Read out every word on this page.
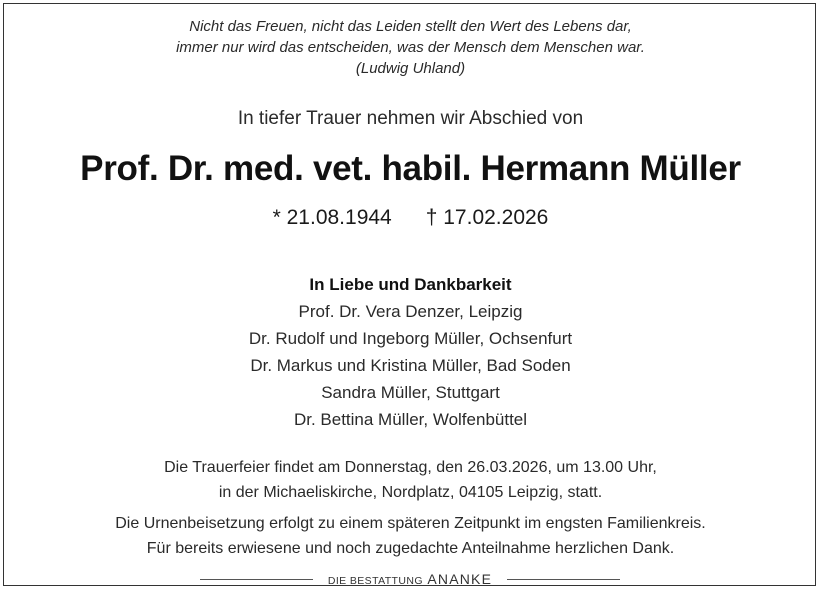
Nicht das Freuen, nicht das Leiden stellt den Wert des Lebens dar,
immer nur wird das entscheiden, was der Mensch dem Menschen war.
(Ludwig Uhland)
In tiefer Trauer nehmen wir Abschied von
Prof. Dr. med. vet. habil. Hermann Müller
* 21.08.1944 † 17.02.2026
In Liebe und Dankbarkeit
Prof. Dr. Vera Denzer, Leipzig
Dr. Rudolf und Ingeborg Müller, Ochsenfurt
Dr. Markus und Kristina Müller, Bad Soden
Sandra Müller, Stuttgart
Dr. Bettina Müller, Wolfenbüttel
Die Trauerfeier findet am Donnerstag, den 26.03.2026, um 13.00 Uhr,
in der Michaeliskirche, Nordplatz, 04105 Leipzig, statt.
Die Urnenbeisetzung erfolgt zu einem späteren Zeitpunkt im engsten Familienkreis.
Für bereits erwiesene und noch zugedachte Anteilnahme herzlichen Dank.
DIE BESTATTUNG ANANKE
